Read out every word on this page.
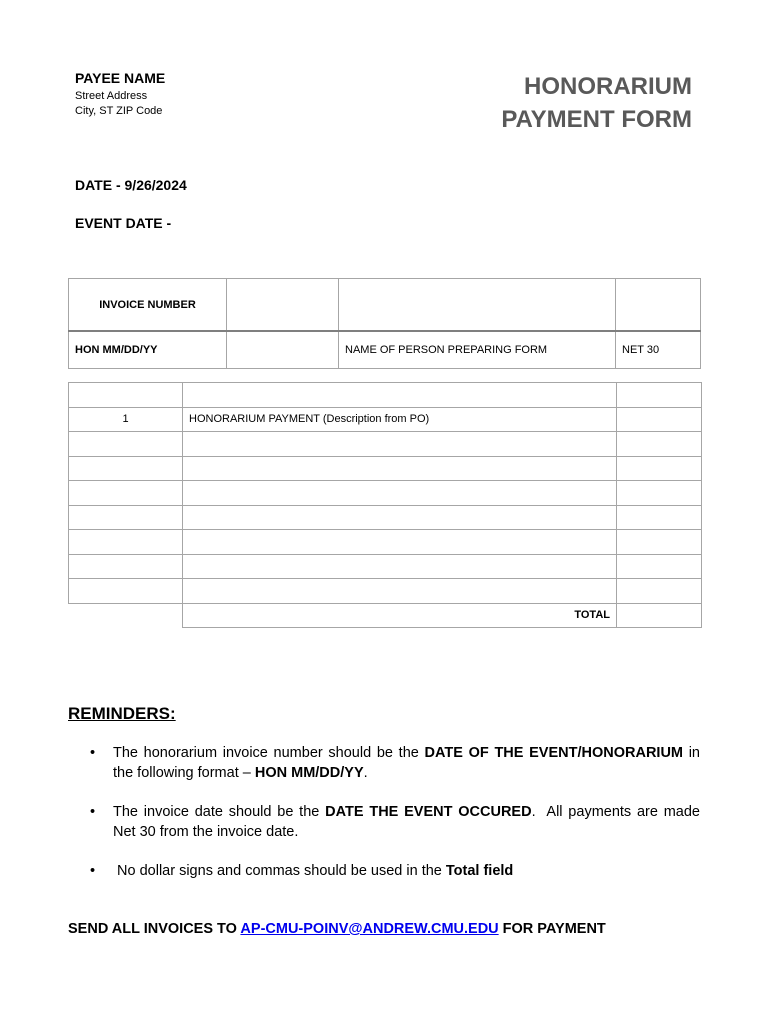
PAYEE NAME
Street Address
City, ST ZIP Code
HONORARIUM
PAYMENT FORM
DATE - 9/26/2024
EVENT DATE -
INVOICE NUMBER			
HON MM/DD/YY		NAME OF PERSON PREPARING FORM	NET 30

1	HONORARIUM PAYMENT (Description from PO)	

	TOTAL	
REMINDERS:
• The honorarium invoice number should be the DATE OF THE EVENT/HONORARIUM in the following format – HON MM/DD/YY.
• The invoice date should be the DATE THE EVENT OCCURED.  All payments are made Net 30 from the invoice date.
• No dollar signs and commas should be used in the Total field
SEND ALL INVOICES TO AP-CMU-POINV@ANDREW.CMU.EDU FOR PAYMENT
